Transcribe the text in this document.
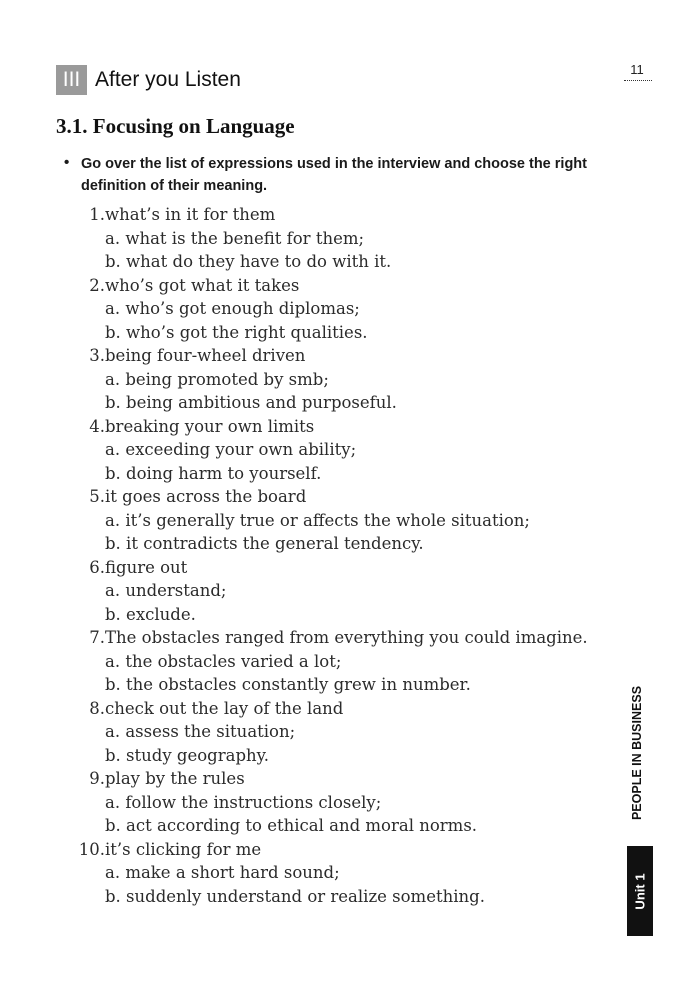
11
III After you Listen
3.1. Focusing on Language
• Go over the list of expressions used in the interview and choose the right definition of their meaning.
1.what’s in it for them
a. what is the benefit for them;
b. what do they have to do with it.
2.who’s got what it takes
a. who’s got enough diplomas;
b. who’s got the right qualities.
3.being four-wheel driven
a. being promoted by smb;
b. being ambitious and purposeful.
4.breaking your own limits
a. exceeding your own ability;
b. doing harm to yourself.
5.it goes across the board
a. it’s generally true or affects the whole situation;
b. it contradicts the general tendency.
6.figure out
a. understand;
b. exclude.
7.The obstacles ranged from everything you could imagine.
a. the obstacles varied a lot;
b. the obstacles constantly grew in number.
8.check out the lay of the land
a. assess the situation;
b. study geography.
9.play by the rules
a. follow the instructions closely;
b. act according to ethical and moral norms.
10.it’s clicking for me
a. make a short hard sound;
b. suddenly understand or realize something.
PEOPLE IN BUSINESS
Unit 1
